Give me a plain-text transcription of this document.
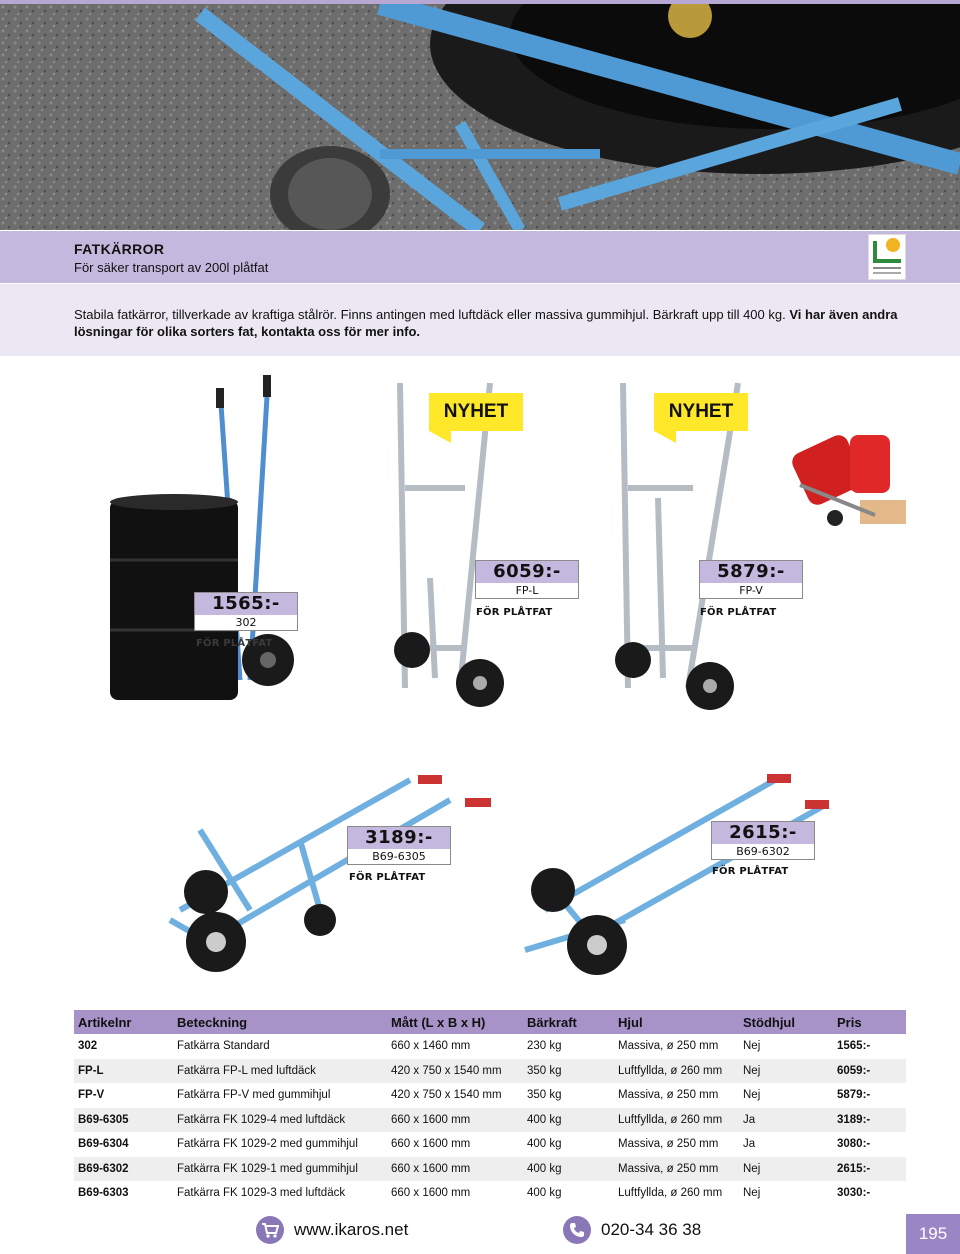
FATKÄRROR
För säker transport av 200l plåtfat

Stabila fatkärror, tillverkade av kraftiga stålrör. Finns antingen med luftdäck eller massiva gummihjul. Bärkraft upp till 400 kg. Vi har även andra lösningar för olika sorters fat, kontakta oss för mer info.

NYHET	NYHET
1565:-
302
FÖR PLÅTFAT
6059:-
FP-L
FÖR PLÅTFAT
5879:-
FP-V
FÖR PLÅTFAT
3189:-
B69-6305
FÖR PLÅTFAT
2615:-
B69-6302
FÖR PLÅTFAT
Artikelnr	Beteckning	Mått (L x B x H)	Bärkraft	Hjul	Stödhjul	Pris
302	Fatkärra Standard	660 x 1460 mm	230 kg	Massiva, ø 250 mm	Nej	1565:-
FP-L	Fatkärra FP-L med luftdäck	420 x 750 x 1540 mm	350 kg	Luftfyllda, ø 260 mm	Nej	6059:-
FP-V	Fatkärra FP-V med gummihjul	420 x 750 x 1540 mm	350 kg	Massiva, ø 250 mm	Nej	5879:-
B69-6305	Fatkärra FK 1029-4 med luftdäck	660 x 1600 mm	400 kg	Luftfyllda, ø 260 mm	Ja	3189:-
B69-6304	Fatkärra FK 1029-2 med gummihjul	660 x 1600 mm	400 kg	Massiva, ø 250 mm	Ja	3080:-
B69-6302	Fatkärra FK 1029-1 med gummihjul	660 x 1600 mm	400 kg	Massiva, ø 250 mm	Nej	2615:-
B69-6303	Fatkärra FK 1029-3 med luftdäck	660 x 1600 mm	400 kg	Luftfyllda, ø 260 mm	Nej	3030:-
www.ikaros.net	020-34 36 38	195
